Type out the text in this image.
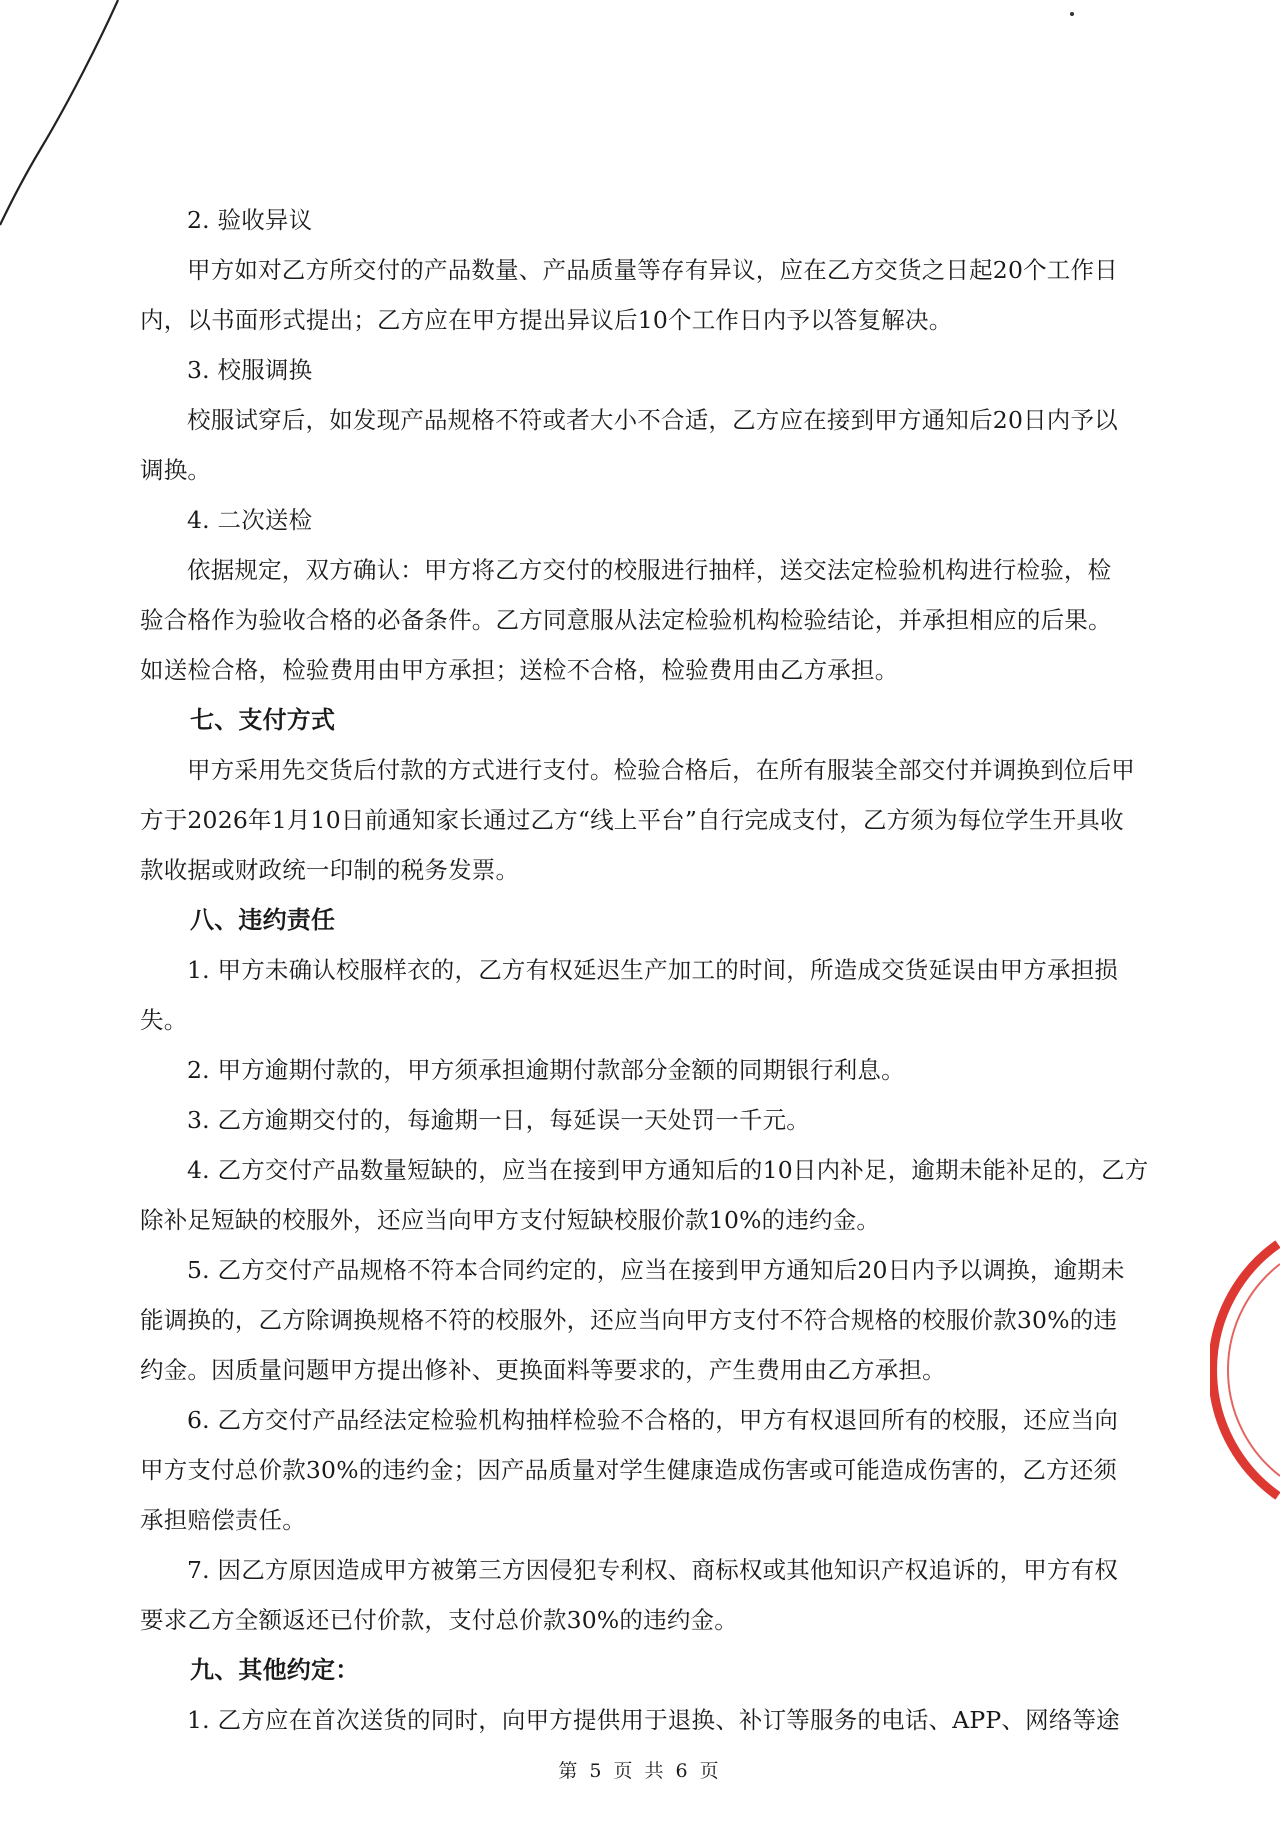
2. 验收异议

甲方如对乙方所交付的产品数量、产品质量等存有异议，应在乙方交货之日起20个工作日

内，以书面形式提出；乙方应在甲方提出异议后10个工作日内予以答复解决。

3. 校服调换

校服试穿后，如发现产品规格不符或者大小不合适，乙方应在接到甲方通知后20日内予以

调换。

4. 二次送检

依据规定，双方确认：甲方将乙方交付的校服进行抽样，送交法定检验机构进行检验，检

验合格作为验收合格的必备条件。乙方同意服从法定检验机构检验结论，并承担相应的后果。

如送检合格，检验费用由甲方承担；送检不合格，检验费用由乙方承担。

七、支付方式

甲方采用先交货后付款的方式进行支付。检验合格后，在所有服装全部交付并调换到位后甲

方于2026年1月10日前通知家长通过乙方“线上平台”自行完成支付，乙方须为每位学生开具收

款收据或财政统一印制的税务发票。

八、违约责任

1. 甲方未确认校服样衣的，乙方有权延迟生产加工的时间，所造成交货延误由甲方承担损

失。

2. 甲方逾期付款的，甲方须承担逾期付款部分金额的同期银行利息。

3. 乙方逾期交付的，每逾期一日，每延误一天处罚一千元。

4. 乙方交付产品数量短缺的，应当在接到甲方通知后的10日内补足，逾期未能补足的，乙方

除补足短缺的校服外，还应当向甲方支付短缺校服价款10%的违约金。

5. 乙方交付产品规格不符本合同约定的，应当在接到甲方通知后20日内予以调换，逾期未

能调换的，乙方除调换规格不符的校服外，还应当向甲方支付不符合规格的校服价款30%的违

约金。因质量问题甲方提出修补、更换面料等要求的，产生费用由乙方承担。

6. 乙方交付产品经法定检验机构抽样检验不合格的，甲方有权退回所有的校服，还应当向

甲方支付总价款30%的违约金；因产品质量对学生健康造成伤害或可能造成伤害的，乙方还须

承担赔偿责任。

7. 因乙方原因造成甲方被第三方因侵犯专利权、商标权或其他知识产权追诉的，甲方有权

要求乙方全额返还已付价款，支付总价款30%的违约金。

九、其他约定：

1. 乙方应在首次送货的同时，向甲方提供用于退换、补订等服务的电话、APP、网络等途

第 5 页 共 6 页
